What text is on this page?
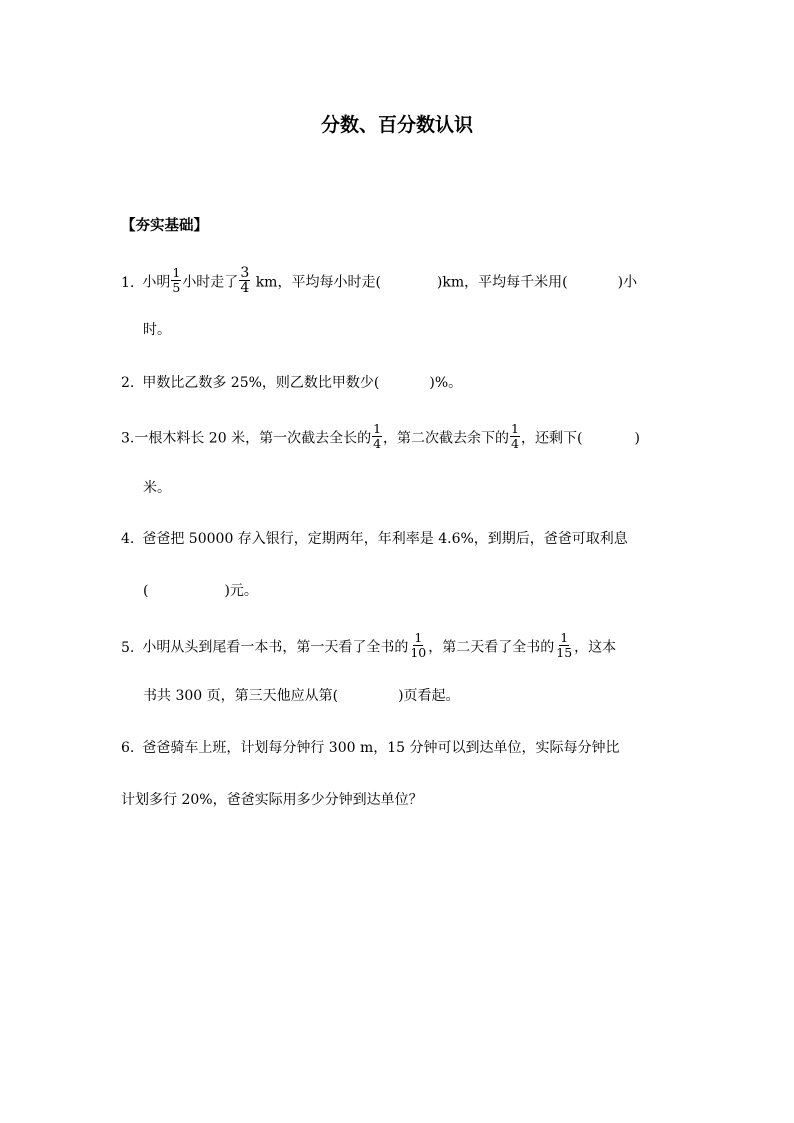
分数、百分数认识
【夯实基础】
1. 小明 $\frac{1}{5}$ 小时走了 $\frac{3}{4}$ km，平均每小时走(	)km，平均每千米用(	)小
时。
2. 甲数比乙数多 25%，则乙数比甲数少(	)%。
3.一根木料长 20 米，第一次截去全长的 $\frac{1}{4}$ ，第二次截去余下的 $\frac{1}{4}$ ，还剩下(	)
米。
4. 爸爸把 50000 存入银行，定期两年，年利率是 4.6%，到期后，爸爸可取利息
(	)元。
5. 小明从头到尾看一本书，第一天看了全书的 $\frac{1}{10}$ ，第二天看了全书的 $\frac{1}{15}$ ，这本
书共 300 页，第三天他应从第(	)页看起。
6. 爸爸骑车上班，计划每分钟行 300 m，15 分钟可以到达单位，实际每分钟比
计划多行 20%，爸爸实际用多少分钟到达单位？
